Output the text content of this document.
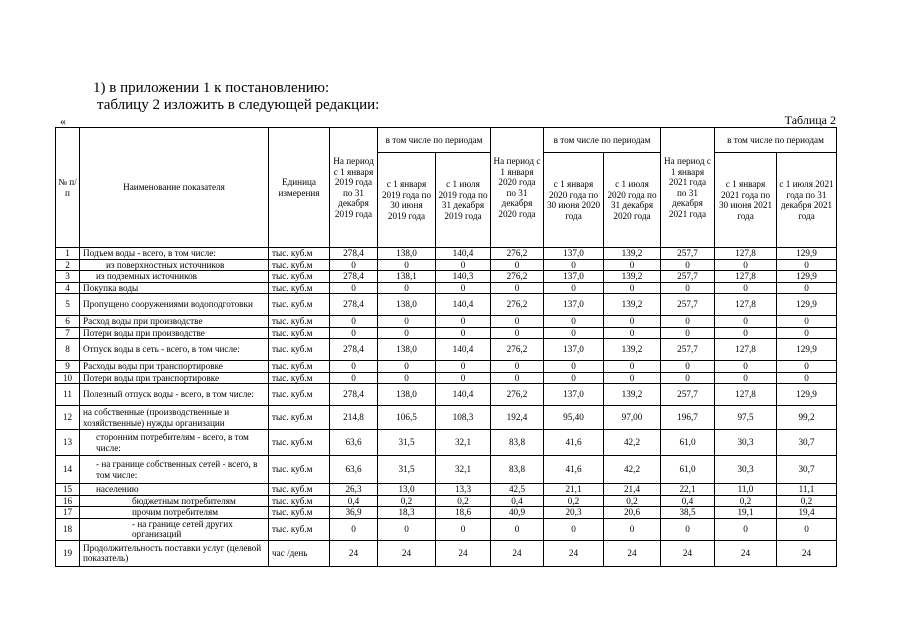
1) в приложении 1 к постановлению:
таблицу 2 изложить в следующей редакции:
«	Таблица 2
№ п/п	Наименование показателя	Единица измерения	На период с 1 января 2019 года по 31 декабря 2019 года	в том числе по периодам		На период с 1 января 2020 года по 31 декабря 2020 года	в том числе по периодам		На период с 1 января 2021 года по 31 декабря 2021 года	в том числе по периодам	
				с 1 января 2019 года по 30 июня 2019 года	с 1 июля 2019 года по 31 декабря 2019 года		с 1 января 2020 года по 30 июня 2020 года	с 1 июля 2020 года по 31 декабря 2020 года		с 1 января 2021 года по 30 июня 2021 года	с 1 июля 2021 года по 31 декабря 2021 года
1	Подъем воды - всего, в том числе:	тыс. куб.м	278,4	138,0	140,4	276,2	137,0	139,2	257,7	127,8	129,9
2	из поверхностных источников	тыс. куб.м	0	0	0	0	0	0	0	0	0
3	из подземных источников	тыс. куб.м	278,4	138,1	140,3	276,2	137,0	139,2	257,7	127,8	129,9
4	Покупка воды	тыс. куб.м	0	0	0	0	0	0	0	0	0
5	Пропущено сооружениями водоподготовки	тыс. куб.м	278,4	138,0	140,4	276,2	137,0	139,2	257,7	127,8	129,9
6	Расход воды при производстве	тыс. куб.м	0	0	0	0	0	0	0	0	0
7	Потери воды при производстве	тыс. куб.м	0	0	0	0	0	0	0	0	0
8	Отпуск воды в сеть - всего, в том числе:	тыс. куб.м	278,4	138,0	140,4	276,2	137,0	139,2	257,7	127,8	129,9
9	Расходы воды при транспортировке	тыс. куб.м	0	0	0	0	0	0	0	0	0
10	Потери воды при транспортировке	тыс. куб.м	0	0	0	0	0	0	0	0	0
11	Полезный отпуск воды - всего, в том числе:	тыс. куб.м	278,4	138,0	140,4	276,2	137,0	139,2	257,7	127,8	129,9
12	на собственные (производственные и хозяйственные) нужды организации	тыс. куб.м	214,8	106,5	108,3	192,4	95,40	97,00	196,7	97,5	99,2
13	сторонним потребителям - всего, в том числе:	тыс. куб.м	63,6	31,5	32,1	83,8	41,6	42,2	61,0	30,3	30,7
14	- на границе собственных сетей - всего, в том числе:	тыс. куб.м	63,6	31,5	32,1	83,8	41,6	42,2	61,0	30,3	30,7
15	населению	тыс. куб.м	26,3	13,0	13,3	42,5	21,1	21,4	22,1	11,0	11,1
16	бюджетным потребителям	тыс. куб.м	0,4	0,2	0,2	0,4	0,2	0,2	0,4	0,2	0,2
17	прочим потребителям	тыс. куб.м	36,9	18,3	18,6	40,9	20,3	20,6	38,5	19,1	19,4
18	- на границе сетей других организаций	тыс. куб.м	0	0	0	0	0	0	0	0	0
19	Продолжительность поставки услуг (целевой показатель)	час /день	24	24	24	24	24	24	24	24	24
